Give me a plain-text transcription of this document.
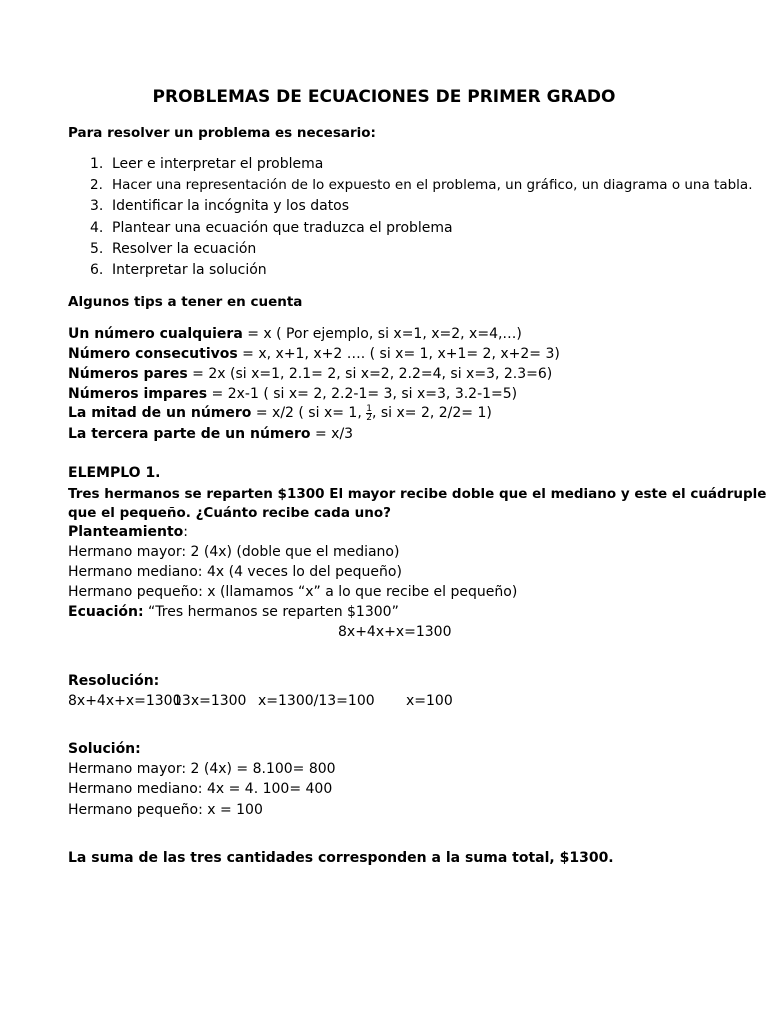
PROBLEMAS DE ECUACIONES DE PRIMER GRADO
Para resolver un problema es necesario:
1. Leer e interpretar el problema
2. Hacer una representación de lo expuesto en el problema, un gráfico, un diagrama o una tabla.
3. Identificar la incógnita y los datos
4. Plantear una ecuación que traduzca el problema
5. Resolver la ecuación
6. Interpretar la solución
Algunos tips a tener en cuenta
Un número cualquiera = x ( Por ejemplo, si x=1, x=2, x=4,…)
Número consecutivos = x, x+1, x+2 …. ( si x= 1, x+1= 2, x+2= 3)
Números pares = 2x (si x=1, 2.1= 2, si x=2, 2.2=4, si x=3, 2.3=6)
Números impares = 2x-1 ( si x= 2, 2.2-1= 3, si x=3, 3.2-1=5)
La mitad de un número = x/2 ( si x= 1, $\frac{1}{2}$ , si x= 2, 2/2= 1)
La tercera parte de un número = x/3
ELEMPLO 1.
Tres hermanos se reparten $1300 El mayor recibe doble que el mediano y este el cuádruple
que el pequeño. ¿Cuánto recibe cada uno?
Planteamiento:
Hermano mayor: 2 (4x) (doble que el mediano)
Hermano mediano: 4x (4 veces lo del pequeño)
Hermano pequeño: x (llamamos “x” a lo que recibe el pequeño)
Ecuación: “Tres hermanos se reparten $1300”
8x+4x+x=1300
Resolución:
8x+4x+x=1300
13x=1300 x=1300/13=100 x=100
Solución:
Hermano mayor: 2 (4x) = 8.100= 800
Hermano mediano: 4x = 4. 100= 400
Hermano pequeño: x = 100
La suma de las tres cantidades corresponden a la suma total, $1300.
